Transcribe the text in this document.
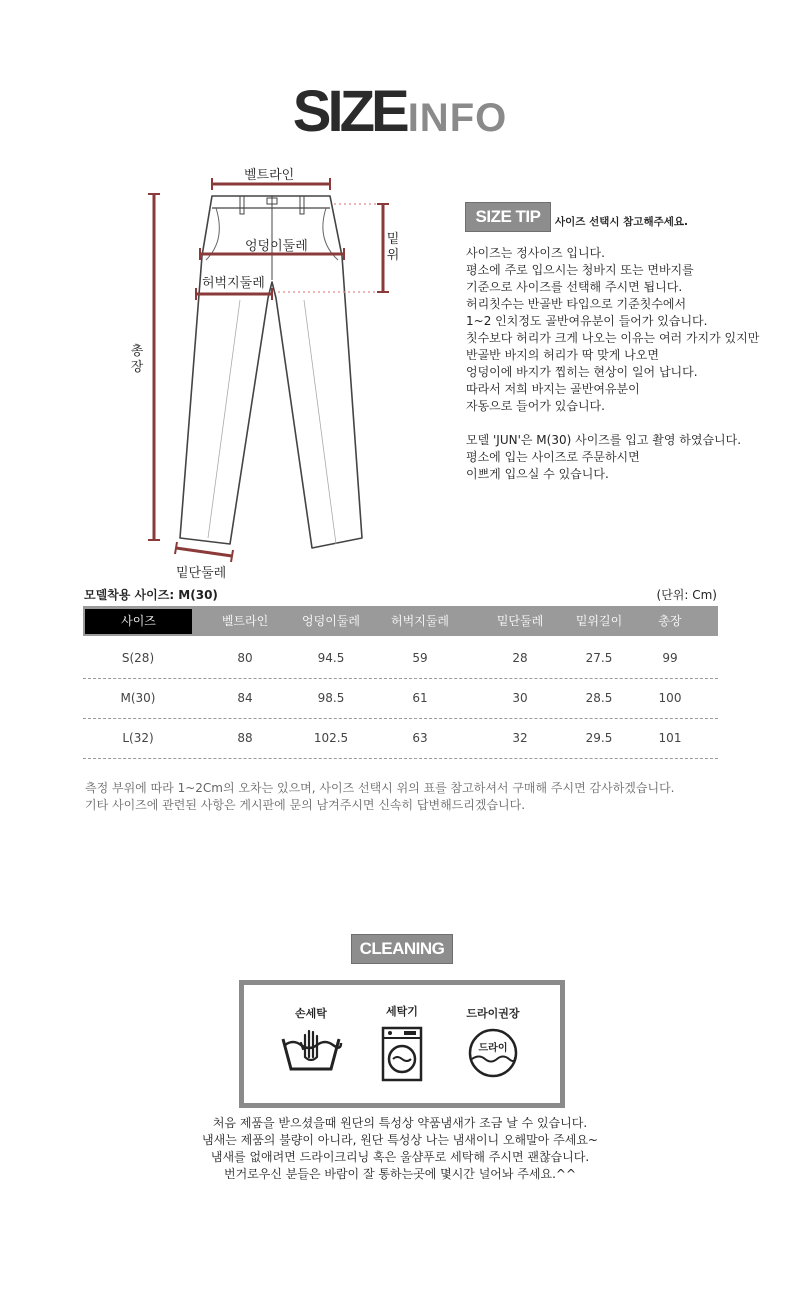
SIZEINFO
벨트라인
엉덩이둘레
허벅지둘레
밑위
총장
밑단둘레
SIZE TIP	사이즈 선택시 참고해주세요.
사이즈는 정사이즈 입니다.
평소에 주로 입으시는 청바지 또는 면바지를
기준으로 사이즈를 선택해 주시면 됩니다.
허리칫수는 반골반 타입으로 기준칫수에서
1~2 인치정도 골반여유분이 들어가 있습니다.
칫수보다 허리가 크게 나오는 이유는 여러 가지가 있지만
반골반 바지의 허리가 딱 맞게 나오면
엉덩이에 바지가 찝히는 현상이 일어 납니다.
따라서 저희 바지는 골반여유분이
자동으로 들어가 있습니다.

모델 'JUN'은 M(30) 사이즈를 입고 촬영 하였습니다.
평소에 입는 사이즈로 주문하시면
이쁘게 입으실 수 있습니다.
모델착용 사이즈: M(30)	(단위: Cm)
사이즈	벨트라인	엉덩이둘레	허벅지둘레	밑단둘레	밑위길이	총장
S(28)	80	94.5	59	28	27.5	99
M(30)	84	98.5	61	30	28.5	100
L(32)	88	102.5	63	32	29.5	101
측정 부위에 따라 1~2Cm의 오차는 있으며, 사이즈 선택시 위의 표를 참고하셔서 구매해 주시면 감사하겠습니다.
기타 사이즈에 관련된 사항은 게시판에 문의 남겨주시면 신속히 답변해드리겠습니다.
CLEANING
손세탁	세탁기	드라이권장
드라이
처음 제품을 받으셨을때 원단의 특성상 약품냄새가 조금 날 수 있습니다.
냄새는 제품의 불량이 아니라, 원단 특성상 나는 냄새이니 오해말아 주세요~
냄새를 없애려면 드라이크리닝 혹은 울샴푸로 세탁해 주시면 괜찮습니다.
번거로우신 분들은 바람이 잘 통하는곳에 몇시간 널어놔 주세요.^^
